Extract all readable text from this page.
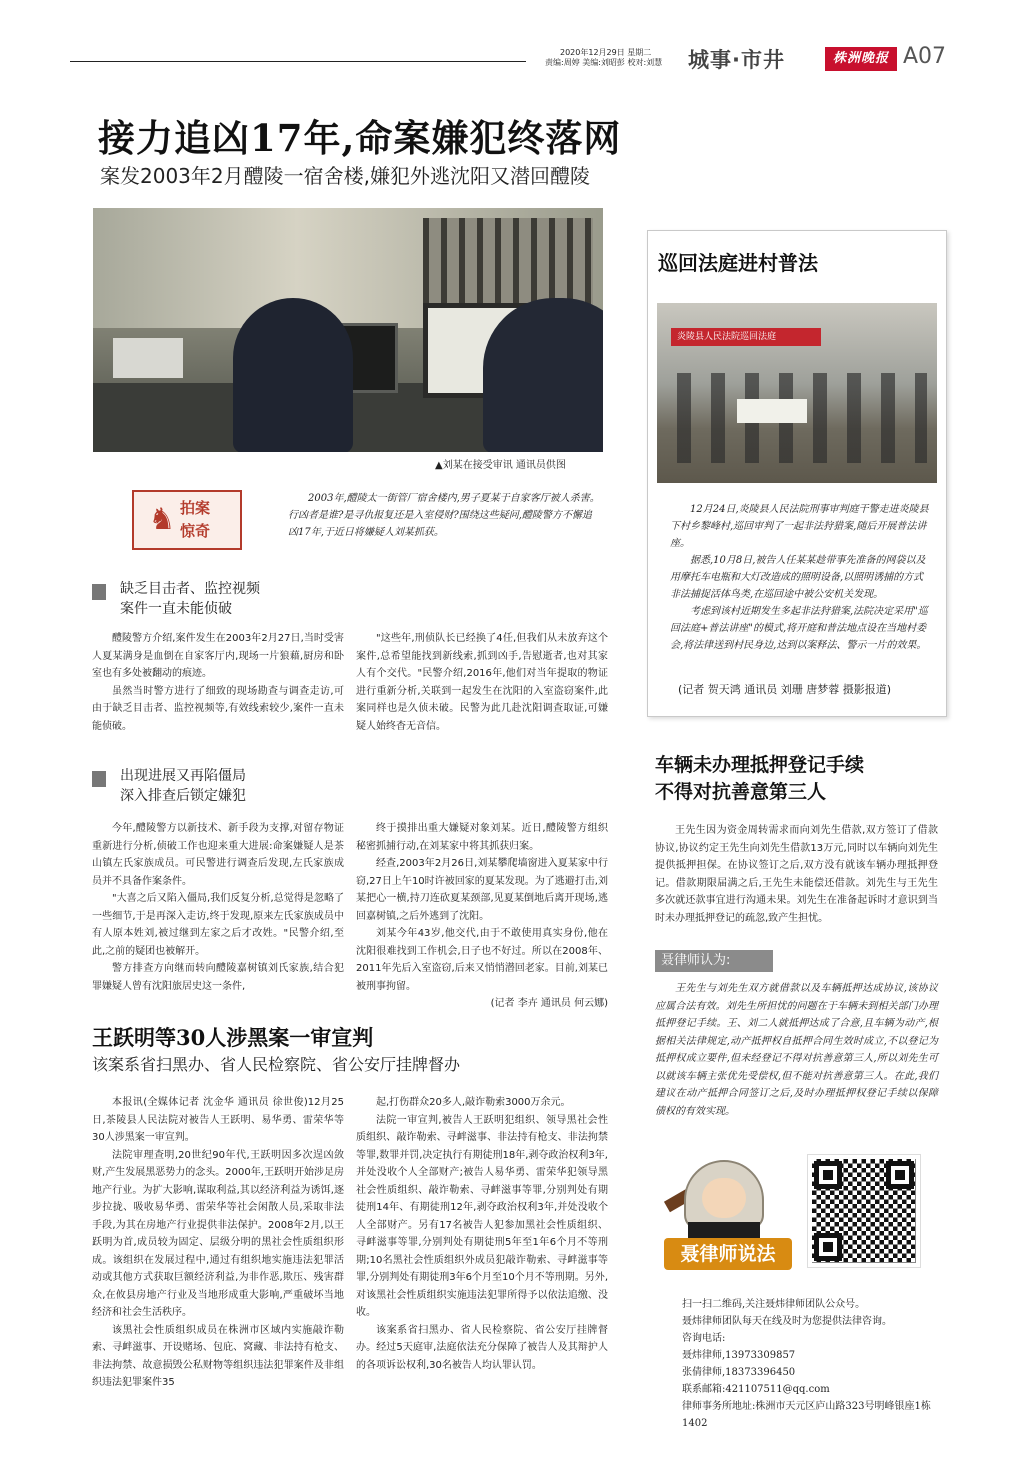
2020年12月29日 星期二
责编:周婷 美编:刘昭彭 校对:刘慧	城事·市井	株洲晚报 A07
接力追凶17年,命案嫌犯终落网
案发2003年2月醴陵一宿舍楼,嫌犯外逃沈阳又潜回醴陵
▲刘某在接受审讯 通讯员供图
♞ 拍案
惊奇

2003年,醴陵太一街管厂宿舍楼内,男子夏某于自家客厅被人杀害。行凶者是谁?是寻仇报复还是入室侵财?围绕这些疑问,醴陵警方不懈追凶17年,于近日将嫌疑人刘某抓获。

缺乏目击者、监控视频
案件一直未能侦破

醴陵警方介绍,案件发生在2003年2月27日,当时受害人夏某满身是血倒在自家客厅内,现场一片狼藉,厨房和卧室也有多处被翻动的痕迹。

虽然当时警方进行了细致的现场勘查与调查走访,可由于缺乏目击者、监控视频等,有效线索较少,案件一直未能侦破。

"这些年,刑侦队长已经换了4任,但我们从未放弃这个案件,总希望能找到新线索,抓到凶手,告慰逝者,也对其家人有个交代。"民警介绍,2016年,他们对当年提取的物证进行重新分析,关联到一起发生在沈阳的入室盗窃案件,此案同样也是久侦未破。民警为此几赴沈阳调查取证,可嫌疑人始终杳无音信。

出现进展又再陷僵局
深入排查后锁定嫌犯

今年,醴陵警方以新技术、新手段为支撑,对留存物证重新进行分析,侦破工作也迎来重大进展:命案嫌疑人是茶山镇左氏家族成员。可民警进行调查后发现,左氏家族成员并不具备作案条件。

"大喜之后又陷入僵局,我们反复分析,总觉得是忽略了一些细节,于是再深入走访,终于发现,原来左氏家族成员中有人原本姓刘,被过继到左家之后才改姓。"民警介绍,至此,之前的疑团也被解开。

警方排查方向继而转向醴陵嘉树镇刘氏家族,结合犯罪嫌疑人曾有沈阳旅居史这一条件,

终于摸排出重大嫌疑对象刘某。近日,醴陵警方组织秘密抓捕行动,在刘某家中将其抓获归案。

经查,2003年2月26日,刘某攀爬墙窗进入夏某家中行窃,27日上午10时许被回家的夏某发现。为了逃避打击,刘某把心一横,持刀连砍夏某颈部,见夏某倒地后离开现场,逃回嘉树镇,之后外逃到了沈阳。

刘某今年43岁,他交代,由于不敢使用真实身份,他在沈阳很难找到工作机会,日子也不好过。所以在2008年、2011年先后入室盗窃,后来又悄悄潜回老家。目前,刘某已被刑事拘留。

(记者 李卉 通讯员 何云娜)

巡回法庭进村普法
炎陵县人民法院巡回法庭

12月24日,炎陵县人民法院刑事审判庭干警走进炎陵县下村乡黎峰村,巡回审判了一起非法狩猎案,随后开展普法讲座。

据悉,10月8日,被告人任某某趁带事先准备的网袋以及用摩托车电瓶和大灯改造成的照明设备,以照明诱捕的方式非法捕捉活体鸟类,在巡回途中被公安机关发现。

考虑到该村近期发生多起非法狩猎案,法院决定采用"巡回法庭+普法讲座"的模式,将开庭和普法地点设在当地村委会,将法律送到村民身边,达到以案释法、警示一片的效果。

(记者 贺天鸿 通讯员 刘珊 唐梦蓉 摄影报道)
车辆未办理抵押登记手续
不得对抗善意第三人

王先生因为资金周转需求而向刘先生借款,双方签订了借款协议,协议约定王先生向刘先生借款13万元,同时以车辆向刘先生提供抵押担保。在协议签订之后,双方没有就该车辆办理抵押登记。借款期限届满之后,王先生未能偿还借款。刘先生与王先生多次就还款事宜进行沟通未果。刘先生在准备起诉时才意识到当时未办理抵押登记的疏忽,致产生担忧。

聂律师认为:

王先生与刘先生双方就借款以及车辆抵押达成协议,该协议应属合法有效。刘先生所担忧的问题在于车辆未到相关部门办理抵押登记手续。王、刘二人就抵押达成了合意,且车辆为动产,根据相关法律规定,动产抵押权自抵押合同生效时成立,不以登记为抵押权成立要件,但未经登记不得对抗善意第三人,所以刘先生可以就该车辆主张优先受偿权,但不能对抗善意第三人。在此,我们建议在动产抵押合同签订之后,及时办理抵押权登记手续以保障债权的有效实现。

聂律师说法
扫一扫二维码,关注聂炜律师团队公众号。
聂炜律师团队每天在线及时为您提供法律咨询。
咨询电话:
聂炜律师,13973309857
张倩律师,18373396450
联系邮箱:421107511@qq.com
律师事务所地址:株洲市天元区庐山路323号明峰银座1栋1402
王跃明等30人涉黑案一审宣判
该案系省扫黑办、省人民检察院、省公安厅挂牌督办

本报讯(全媒体记者 沈金华 通讯员 徐世俊)12月25日,茶陵县人民法院对被告人王跃明、易华勇、雷荣华等30人涉黑案一审宣判。

法院审理查明,20世纪90年代,王跃明因多次逞凶敛财,产生发展黑恶势力的念头。2000年,王跃明开始涉足房地产行业。为扩大影响,谋取利益,其以经济利益为诱饵,逐步拉拢、吸收易华勇、雷荣华等社会闲散人员,采取非法手段,为其在房地产行业提供非法保护。2008年2月,以王跃明为首,成员较为固定、层级分明的黑社会性质组织形成。该组织在发展过程中,通过有组织地实施违法犯罪活动或其他方式获取巨额经济利益,为非作恶,欺压、残害群众,在攸县房地产行业及当地形成重大影响,严重破坏当地经济和社会生活秩序。

该黑社会性质组织成员在株洲市区域内实施敲诈勒索、寻衅滋事、开设赌场、包庇、窝藏、非法持有枪支、非法拘禁、故意损毁公私财物等组织违法犯罪案件及非组织违法犯罪案件35

起,打伤群众20多人,敲诈勒索3000万余元。

法院一审宣判,被告人王跃明犯组织、领导黑社会性质组织、敲诈勒索、寻衅滋事、非法持有枪支、非法拘禁等罪,数罪并罚,决定执行有期徒刑18年,剥夺政治权利3年,并处没收个人全部财产;被告人易华勇、雷荣华犯领导黑社会性质组织、敲诈勒索、寻衅滋事等罪,分别判处有期徒刑14年、有期徒刑12年,剥夺政治权利3年,并处没收个人全部财产。另有17名被告人犯参加黑社会性质组织、寻衅滋事等罪,分别判处有期徒刑5年至1年6个月不等刑期;10名黑社会性质组织外成员犯敲诈勒索、寻衅滋事等罪,分别判处有期徒刑3年6个月至10个月不等刑期。另外,对该黑社会性质组织实施违法犯罪所得予以依法追缴、没收。

该案系省扫黑办、省人民检察院、省公安厅挂牌督办。经过5天庭审,法庭依法充分保障了被告人及其辩护人的各项诉讼权利,30名被告人均认罪认罚。
